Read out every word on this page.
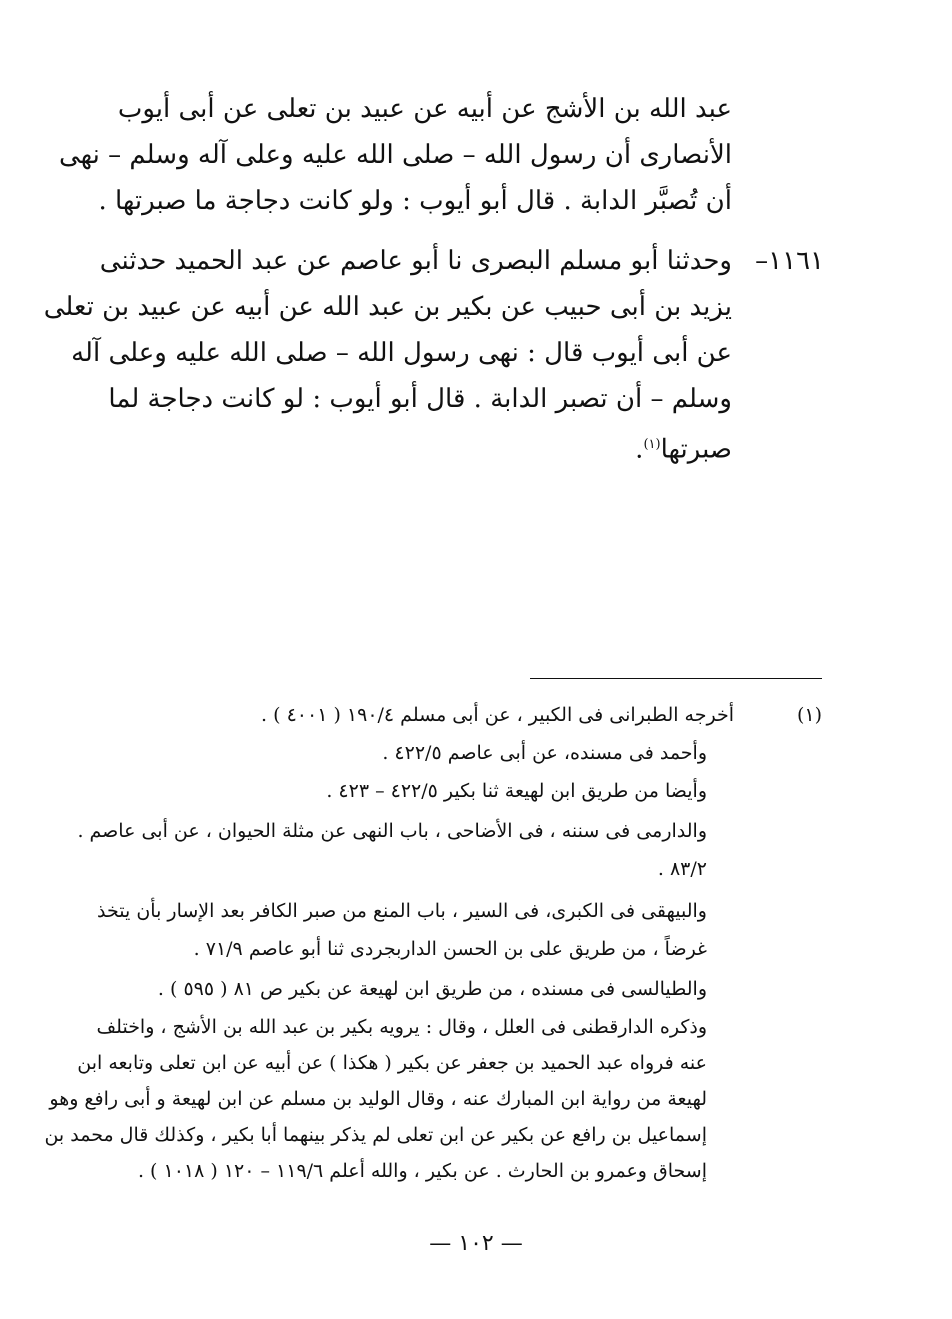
عبد الله بن الأشج عن أبيه عن عبيد بن تعلى عن أبى أيوب
الأنصارى أن رسول الله – صلى الله عليه وعلى آله وسلم – نهى
أن تُصبَّر الدابة . قال أبو أيوب : ولو كانت دجاجة ما صبرتها .
١١٦١–
وحدثنا أبو مسلم البصرى نا أبو عاصم عن عبد الحميد حدثنى
يزيد بن أبى حبيب عن بكير بن عبد الله عن أبيه عن عبيد بن تعلى
عن أبى أيوب قال : نهى رسول الله – صلى الله عليه وعلى آله
وسلم – أن تصبر الدابة . قال أبو أيوب : لو كانت دجاجة لما
صبرتها$^{(١)}$.
(١)
أخرجه الطبرانى فى الكبير ، عن أبى مسلم ١٩٠/٤ ( ٤٠٠١ ) .
وأحمد فى مسنده، عن أبى عاصم ٤٢٢/٥ .
وأيضا من طريق ابن لهيعة ثنا بكير ٤٢٢/٥ – ٤٢٣ .
والدارمى فى سننه ، فى الأضاحى ، باب النهى عن مثلة الحيوان ، عن أبى عاصم .
٨٣/٢ .
والبيهقى فى الكبرى، فى السير ، باب المنع من صبر الكافر بعد الإسار بأن يتخذ
غرضاً ، من طريق على بن الحسن الداربجردى ثنا أبو عاصم ٧١/٩ .
والطيالسى فى مسنده ، من طريق ابن لهيعة عن بكير ص ٨١ ( ٥٩٥ ) .
وذكره الدارقطنى فى العلل ، وقال : يرويه بكير بن عبد الله بن الأشج ، واختلف
عنه فرواه عبد الحميد بن جعفر عن بكير ( هكذا ) عن أبيه عن ابن تعلى وتابعه ابن
لهيعة من رواية ابن المبارك عنه ، وقال الوليد بن مسلم عن ابن لهيعة و أبى رافع وهو
إسماعيل بن رافع عن بكير عن ابن تعلى لم يذكر بينهما أبا بكير ، وكذلك قال محمد بن
إسحاق وعمرو بن الحارث . عن بكير ، والله أعلم ١١٩/٦ – ١٢٠ ( ١٠١٨ ) .
— ١٠٢ —
